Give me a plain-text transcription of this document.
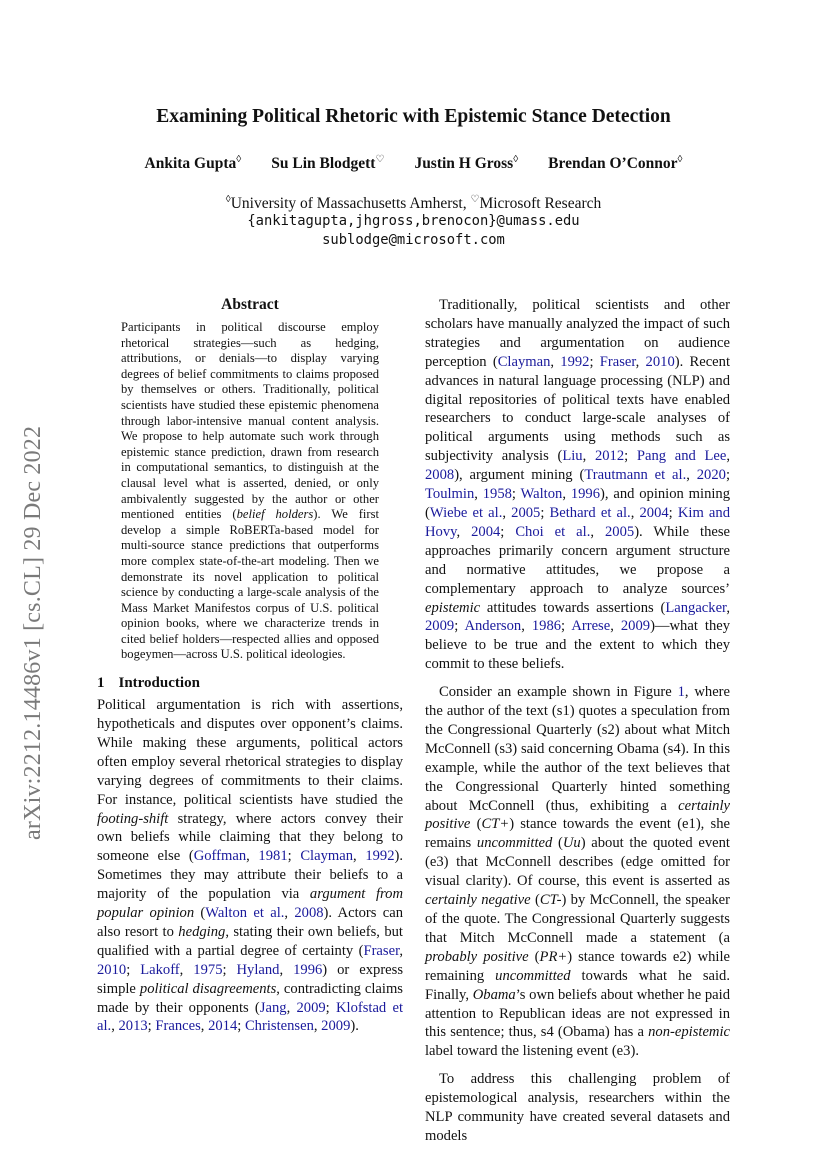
arXiv:2212.14486v1 [cs.CL] 29 Dec 2022
Examining Political Rhetoric with Epistemic Stance Detection
Ankita Gupta◊ Su Lin Blodgett♡ Justin H Gross◊ Brendan O’Connor◊
◊University of Massachusetts Amherst, ♡Microsoft Research
{ankitagupta,jhgross,brenocon}@umass.edu
sublodge@microsoft.com
Abstract
Participants in political discourse employ rhetorical strategies—such as hedging, attributions, or denials—to display varying degrees of belief commitments to claims proposed by themselves or others. Traditionally, political scientists have studied these epistemic phenomena through labor-intensive manual content analysis. We propose to help automate such work through epistemic stance prediction, drawn from research in computational semantics, to distinguish at the clausal level what is asserted, denied, or only ambivalently suggested by the author or other mentioned entities (belief holders). We first develop a simple RoBERTa-based model for multi-source stance predictions that outperforms more complex state-of-the-art modeling. Then we demonstrate its novel application to political science by conducting a large-scale analysis of the Mass Market Manifestos corpus of U.S. political opinion books, where we characterize trends in cited belief holders—respected allies and opposed bogeymen—across U.S. political ideologies.
1 Introduction

Political argumentation is rich with assertions, hypotheticals and disputes over opponent’s claims. While making these arguments, political actors often employ several rhetorical strategies to display varying degrees of commitments to their claims. For instance, political scientists have studied the footing-shift strategy, where actors convey their own beliefs while claiming that they belong to someone else (Goffman, 1981; Clayman, 1992). Sometimes they may attribute their beliefs to a majority of the population via argument from popular opinion (Walton et al., 2008). Actors can also resort to hedging, stating their own beliefs, but qualified with a partial degree of certainty (Fraser, 2010; Lakoff, 1975; Hyland, 1996) or express simple political disagreements, contradicting claims made by their opponents (Jang, 2009; Klofstad et al., 2013; Frances, 2014; Christensen, 2009).

Traditionally, political scientists and other scholars have manually analyzed the impact of such strategies and argumentation on audience perception (Clayman, 1992; Fraser, 2010). Recent advances in natural language processing (NLP) and digital repositories of political texts have enabled researchers to conduct large-scale analyses of political arguments using methods such as subjectivity analysis (Liu, 2012; Pang and Lee, 2008), argument mining (Trautmann et al., 2020; Toulmin, 1958; Walton, 1996), and opinion mining (Wiebe et al., 2005; Bethard et al., 2004; Kim and Hovy, 2004; Choi et al., 2005). While these approaches primarily concern argument structure and normative attitudes, we propose a complementary approach to analyze sources’ epistemic attitudes towards assertions (Langacker, 2009; Anderson, 1986; Arrese, 2009)—what they believe to be true and the extent to which they commit to these beliefs.

Consider an example shown in Figure 1, where the author of the text (s1) quotes a speculation from the Congressional Quarterly (s2) about what Mitch McConnell (s3) said concerning Obama (s4). In this example, while the author of the text believes that the Congressional Quarterly hinted something about McConnell (thus, exhibiting a certainly positive (CT+) stance towards the event (e1), she remains uncommitted (Uu) about the quoted event (e3) that McConnell describes (edge omitted for visual clarity). Of course, this event is asserted as certainly negative (CT-) by McConnell, the speaker of the quote. The Congressional Quarterly suggests that Mitch McConnell made a statement (a probably positive (PR+) stance towards e2) while remaining uncommitted towards what he said. Finally, Obama’s own beliefs about whether he paid attention to Republican ideas are not expressed in this sentence; thus, s4 (Obama) has a non-epistemic label toward the listening event (e3).

To address this challenging problem of epistemological analysis, researchers within the NLP community have created several datasets and models
